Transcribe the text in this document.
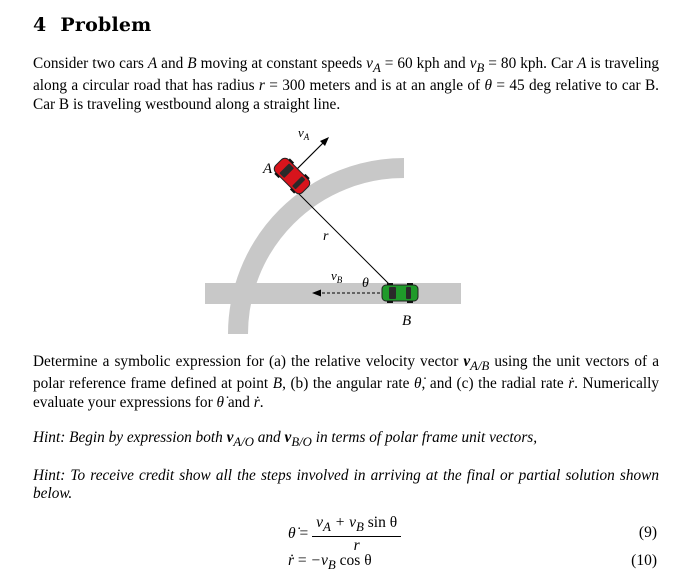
4 Problem
Consider two cars A and B moving at constant speeds $v_A = 60$ kph and $v_B = 80$ kph. Car A is traveling along a circular road that has radius r = 300 meters and is at an angle of θ = 45 deg relative to car B. Car B is traveling westbound along a straight line.
$v_A$
A
r
$v_B$ θ
B
Determine a symbolic expression for (a) the relative velocity vector $v_{A/B}$ using the unit vectors of a polar reference frame defined at point B, (b) the angular rate θ̇, and (c) the radial rate ṙ. Numerically evaluate your expressions for θ̇ and ṙ.
Hint: Begin by expression both $v_{A/O}$ and $v_{B/O}$ in terms of polar frame unit vectors,
Hint: To receive credit show all the steps involved in arriving at the final or partial solution shown below.
θ̇ = $\frac{v_A + v_B \sin \theta}{r}$	(9)
ṙ = $-v_B$ cos θ	(10)
